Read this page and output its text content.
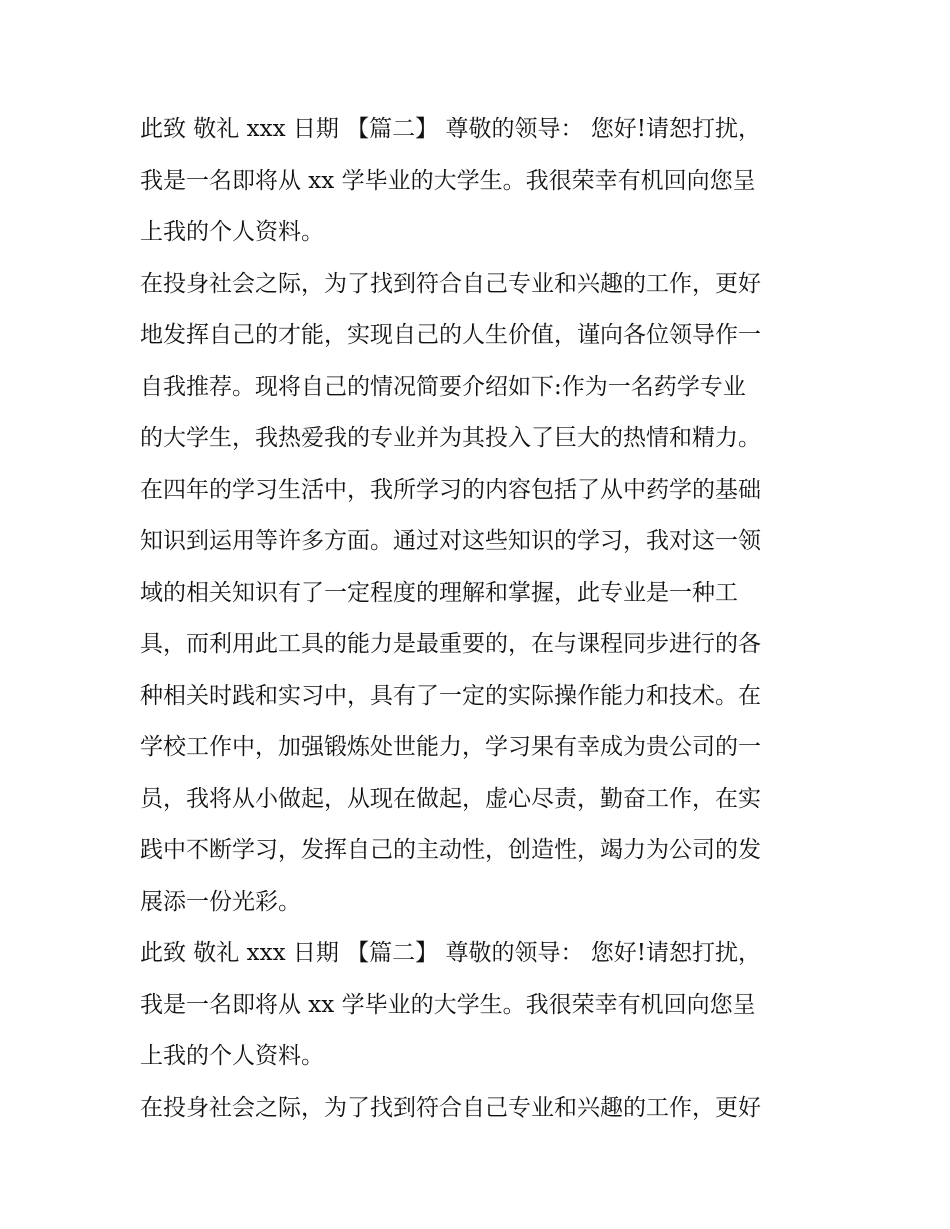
此致 敬礼 xxx 日期 【篇二】 尊敬的领导： 您好!请恕打扰，

我是一名即将从 xx 学毕业的大学生。我很荣幸有机回向您呈

上我的个人资料。

在投身社会之际，为了找到符合自己专业和兴趣的工作，更好

地发挥自己的才能，实现自己的人生价值，谨向各位领导作一

自我推荐。现将自己的情况简要介绍如下:作为一名药学专业

的大学生，我热爱我的专业并为其投入了巨大的热情和精力。

在四年的学习生活中，我所学习的内容包括了从中药学的基础

知识到运用等许多方面。通过对这些知识的学习，我对这一领

域的相关知识有了一定程度的理解和掌握，此专业是一种工

具，而利用此工具的能力是最重要的，在与课程同步进行的各

种相关时践和实习中，具有了一定的实际操作能力和技术。在

学校工作中，加强锻炼处世能力，学习果有幸成为贵公司的一

员，我将从小做起，从现在做起，虚心尽责，勤奋工作，在实

践中不断学习，发挥自己的主动性，创造性，竭力为公司的发

展添一份光彩。

此致 敬礼 xxx 日期 【篇二】 尊敬的领导： 您好!请恕打扰，

我是一名即将从 xx 学毕业的大学生。我很荣幸有机回向您呈

上我的个人资料。

在投身社会之际，为了找到符合自己专业和兴趣的工作，更好
